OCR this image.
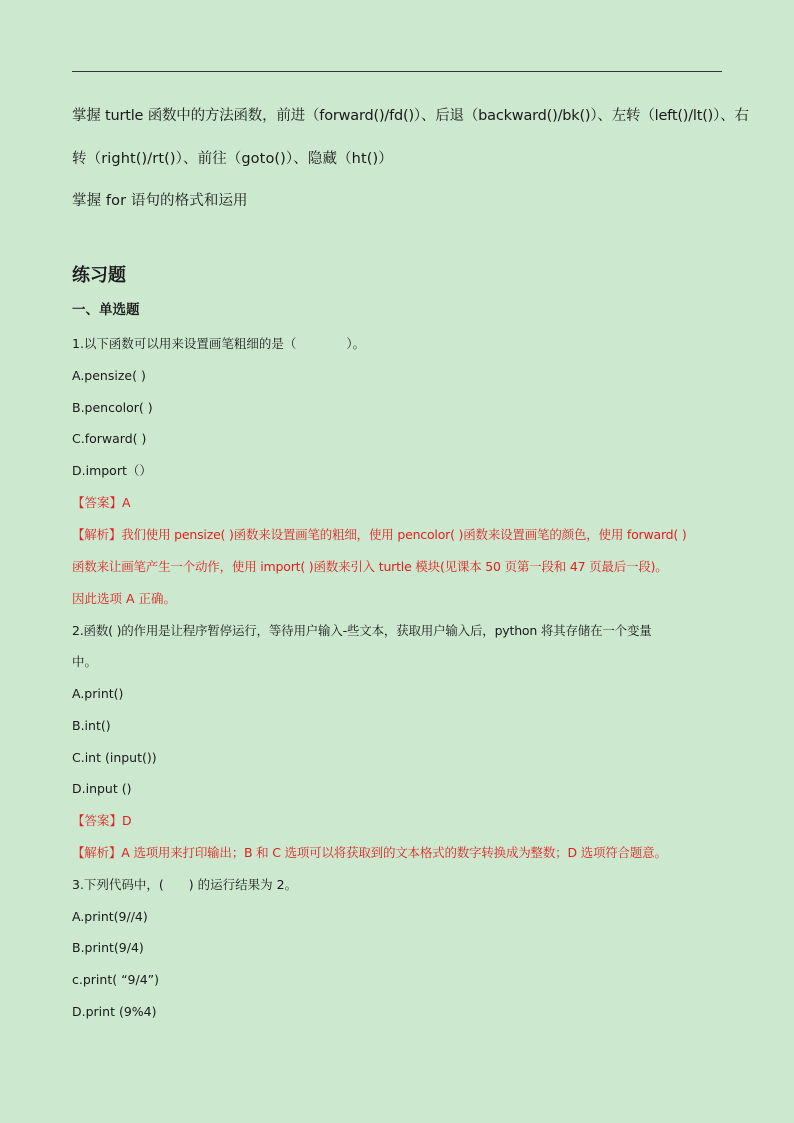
掌握 turtle 函数中的方法函数，前进（forward()/fd()）、后退（backward()/bk()）、左转（left()/lt()）、右
转（right()/rt()）、前往（goto()）、隐藏（ht()）
掌握 for 语句的格式和运用
练习题
一、单选题
1.以下函数可以用来设置画笔粗细的是（　　　　）。
A.pensize( )
B.pencolor( )
C.forward( )
D.import（）
【答案】A
【解析】我们使用 pensize( )函数来设置画笔的粗细，使用 pencolor( )函数来设置画笔的颜色，使用 forward( )
函数来让画笔产生一个动作，使用 import( )函数来引入 turtle 模块(见课本 50 页第一段和 47 页最后一段)。
因此选项 A 正确。
2.函数( )的作用是让程序暂停运行，等待用户输入-些文本，获取用户输入后，python 将其存储在一个变量
中。
A.print()
B.int()
C.int (input())
D.input ()
【答案】D
【解析】A 选项用来打印输出；B 和 C 选项可以将获取到的文本格式的数字转换成为整数；D 选项符合题意。
3.下列代码中，(　　) 的运行结果为 2。
A.print(9//4)
B.print(9/4)
c.print( “9/4”)
D.print (9%4)
